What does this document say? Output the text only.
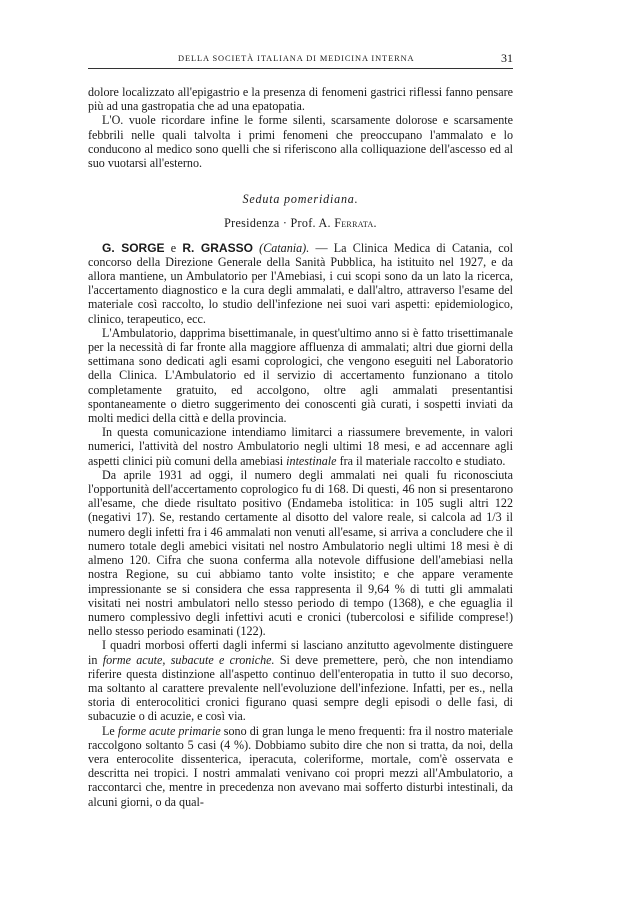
DELLA SOCIETÀ ITALIANA DI MEDICINA INTERNA	31

dolore localizzato all'epigastrio e la presenza di fenomeni gastrici riflessi fanno pensare più ad una gastropatia che ad una epatopatia.

L'O. vuole ricordare infine le forme silenti, scarsamente dolorose e scarsamente febbrili nelle quali talvolta i primi fenomeni che preoccupano l'ammalato e lo conducono al medico sono quelli che si riferiscono alla colliquazione dell'ascesso ed al suo vuotarsi all'esterno.

Seduta pomeridiana.
Presidenza · Prof. A. Ferrata.

G. SORGE e R. GRASSO (Catania). — La Clinica Medica di Catania, col concorso della Direzione Generale della Sanità Pubblica, ha istituito nel 1927, e da allora mantiene, un Ambulatorio per l'Amebiasi, i cui scopi sono da un lato la ricerca, l'accertamento diagnostico e la cura degli ammalati, e dall'altro, attraverso l'esame del materiale così raccolto, lo studio dell'infezione nei suoi vari aspetti: epidemiologico, clinico, terapeutico, ecc.

L'Ambulatorio, dapprima bisettimanale, in quest'ultimo anno si è fatto trisettimanale per la necessità di far fronte alla maggiore affluenza di ammalati; altri due giorni della settimana sono dedicati agli esami coprologici, che vengono eseguiti nel Laboratorio della Clinica. L'Ambulatorio ed il servizio di accertamento funzionano a titolo completamente gratuito, ed accolgono, oltre agli ammalati presentantisi spontaneamente o dietro suggerimento dei conoscenti già curati, i sospetti inviati da molti medici della città e della provincia.

In questa comunicazione intendiamo limitarci a riassumere brevemente, in valori numerici, l'attività del nostro Ambulatorio negli ultimi 18 mesi, e ad accennare agli aspetti clinici più comuni della amebiasi intestinale fra il materiale raccolto e studiato.

Da aprile 1931 ad oggi, il numero degli ammalati nei quali fu riconosciuta l'opportunità dell'accertamento coprologico fu di 168. Di questi, 46 non si presentarono all'esame, che diede risultato positivo (Endameba istolitica: in 105 sugli altri 122 (negativi 17). Se, restando certamente al disotto del valore reale, si calcola ad 1/3 il numero degli infetti fra i 46 ammalati non venuti all'esame, si arriva a concludere che il numero totale degli amebici visitati nel nostro Ambulatorio negli ultimi 18 mesi è di almeno 120. Cifra che suona conferma alla notevole diffusione dell'amebiasi nella nostra Regione, su cui abbiamo tanto volte insistito; e che appare veramente impressionante se si considera che essa rappresenta il 9,64 % di tutti gli ammalati visitati nei nostri ambulatori nello stesso periodo di tempo (1368), e che eguaglia il numero complessivo degli infettivi acuti e cronici (tubercolosi e sifilide comprese!) nello stesso periodo esaminati (122).

I quadri morbosi offerti dagli infermi si lasciano anzitutto agevolmente distinguere in forme acute, subacute e croniche. Si deve premettere, però, che non intendiamo riferire questa distinzione all'aspetto continuo dell'enteropatia in tutto il suo decorso, ma soltanto al carattere prevalente nell'evoluzione dell'infezione. Infatti, per es., nella storia di enterocolitici cronici figurano quasi sempre degli episodi o delle fasi, di subacuzie o di acuzie, e così via.

Le forme acute primarie sono di gran lunga le meno frequenti: fra il nostro materiale raccolgono soltanto 5 casi (4 %). Dobbiamo subito dire che non si tratta, da noi, della vera enterocolite dissenterica, iperacuta, coleriforme, mortale, com'è osservata e descritta nei tropici. I nostri ammalati venivano coi propri mezzi all'Ambulatorio, a raccontarci che, mentre in precedenza non avevano mai sofferto disturbi intestinali, da alcuni giorni, o da qual-
